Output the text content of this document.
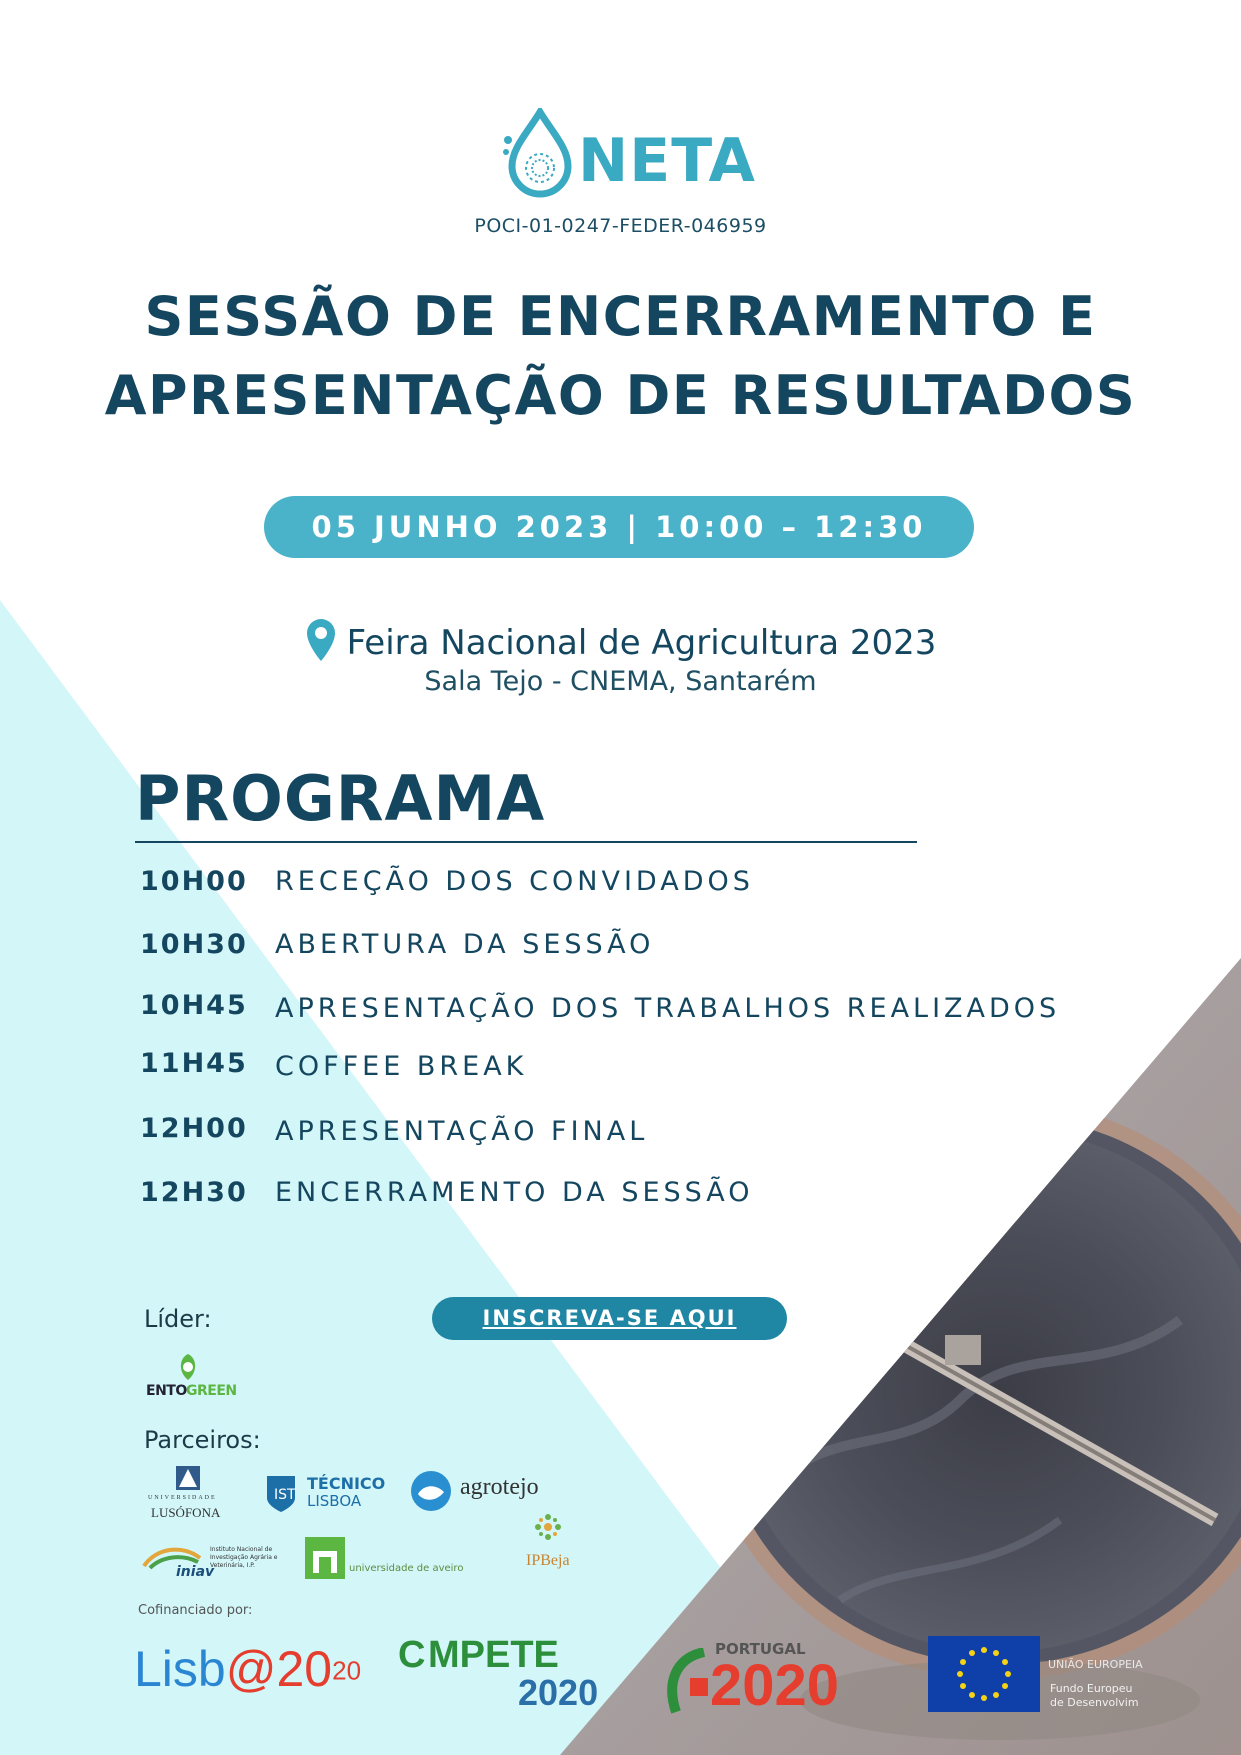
NETA
POCI-01-0247-FEDER-046959
SESSÃO DE ENCERRAMENTO E
APRESENTAÇÃO DE RESULTADOS
05 JUNHO 2023 | 10:00 – 12:30
Feira Nacional de Agricultura 2023
Sala Tejo - CNEMA, Santarém
PROGRAMA
10H00	RECEÇÃO DOS CONVIDADOS
10H30	ABERTURA DA SESSÃO
10H45	APRESENTAÇÃO DOS TRABALHOS REALIZADOS
11H45	COFFEE BREAK
12H00	APRESENTAÇÃO FINAL
12H30	ENCERRAMENTO DA SESSÃO
INSCREVA-SE AQUI
Líder:
ENTO GREEN
Parceiros:
UNIVERSIDADE
LUSÓFONA
IST
TÉCNICO
LISBOA
agrotejo
iniav
Instituto Nacional de Investigação Agrária e Veterinária, I.P.	universidade de aveiro	IPBeja
Cofinanciado por:
$Lisb@20^{20}$ C MPETE
2020
PORTUGAL
2020	UNIÃO EUROPEIA
Fundo Europeu
de Desenvolvim
